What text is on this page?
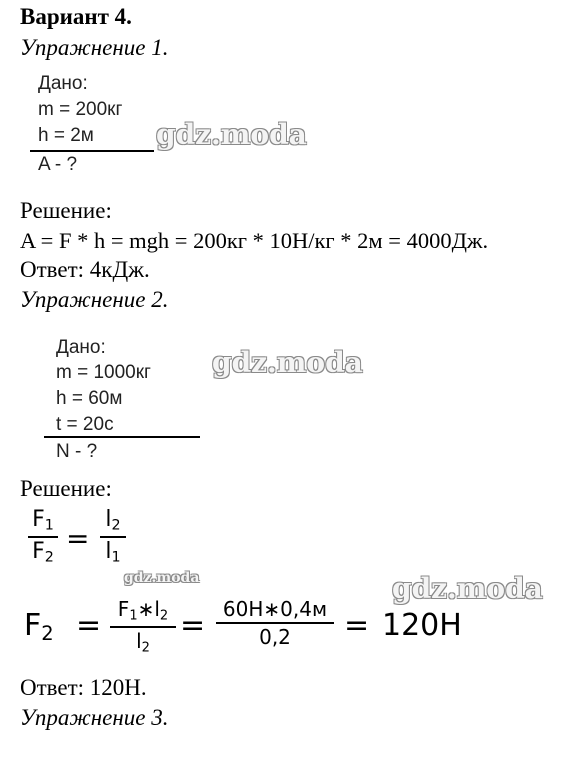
Вариант 4.
Упражнение 1.
Дано:
m = 200кг
h = 2м
A - ?
gdz.moda
Решение:
A = F * h = mgh = 200кг * 10Н/кг * 2м = 4000Дж.
Ответ: 4кДж.
Упражнение 2.
Дано:
m = 1000кг
h = 60м
t = 20с
N - ?
gdz.moda
Решение:
$F_1$
$F_2$
=
$l_2$
$l_1$
gdz.moda	gdz.moda
$F_2$ = $F_1∗l_2$
$l_2$
= 60Н∗0,4м
0,2 = 120Н
Ответ: 120Н.
Упражнение 3.
